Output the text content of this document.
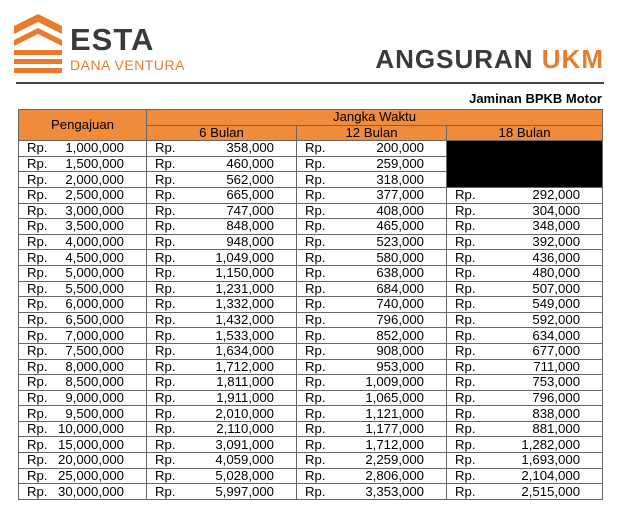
ESTA
DANA VENTURA	ANGSURAN UKM
Jaminan BPKB Motor
Pengajuan	Jangka Waktu		
	6 Bulan	12 Bulan	18 Bulan

Rp. 1,000,000	Rp. 358,000	Rp. 200,000	

Rp. 1,500,000	Rp. 460,000	Rp. 259,000	

Rp. 2,000,000	Rp. 562,000	Rp. 318,000	

Rp. 2,500,000	Rp. 665,000	Rp. 377,000	Rp. 292,000

Rp. 3,000,000	Rp. 747,000	Rp. 408,000	Rp. 304,000

Rp. 3,500,000	Rp. 848,000	Rp. 465,000	Rp. 348,000

Rp. 4,000,000	Rp. 948,000	Rp. 523,000	Rp. 392,000

Rp. 4,500,000	Rp. 1,049,000	Rp. 580,000	Rp. 436,000

Rp. 5,000,000	Rp. 1,150,000	Rp. 638,000	Rp. 480,000

Rp. 5,500,000	Rp. 1,231,000	Rp. 684,000	Rp. 507,000

Rp. 6,000,000	Rp. 1,332,000	Rp. 740,000	Rp. 549,000

Rp. 6,500,000	Rp. 1,432,000	Rp. 796,000	Rp. 592,000

Rp. 7,000,000	Rp. 1,533,000	Rp. 852,000	Rp. 634,000

Rp. 7,500,000	Rp. 1,634,000	Rp. 908,000	Rp. 677,000

Rp. 8,000,000	Rp. 1,712,000	Rp. 953,000	Rp. 711,000

Rp. 8,500,000	Rp. 1,811,000	Rp. 1,009,000	Rp. 753,000

Rp. 9,000,000	Rp. 1,911,000	Rp. 1,065,000	Rp. 796,000

Rp. 9,500,000	Rp. 2,010,000	Rp. 1,121,000	Rp. 838,000

Rp. 10,000,000	Rp. 2,110,000	Rp. 1,177,000	Rp. 881,000

Rp. 15,000,000	Rp. 3,091,000	Rp. 1,712,000	Rp. 1,282,000

Rp. 20,000,000	Rp. 4,059,000	Rp. 2,259,000	Rp. 1,693,000

Rp. 25,000,000	Rp. 5,028,000	Rp. 2,806,000	Rp. 2,104,000

Rp. 30,000,000	Rp. 5,997,000	Rp. 3,353,000	Rp. 2,515,000
